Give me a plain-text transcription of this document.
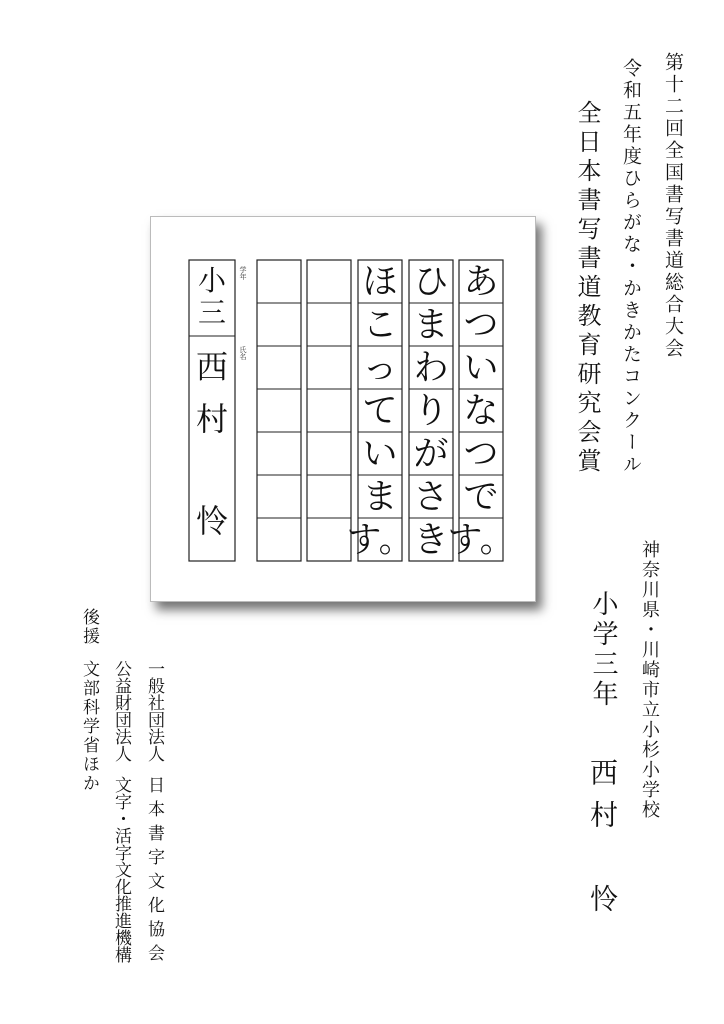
第十二回全国書写書道総合大会
令和五年度ひらがな・かきかたコンクール
全日本書写書道教育研究会賞
神奈川県・川崎市立小杉小学校
小学三年
西村　怜
あ
つ
い
な
つ
で
す。
ひ
ま
わ
り
が
さ
き
ほ
こ
っ
て
い
ま
す。
学年
氏名
小
三
西
村
怜
一般社団法人日本書字文化協会
公益財団法人文字・活字文化推進機構
後援
文部科学省ほか
